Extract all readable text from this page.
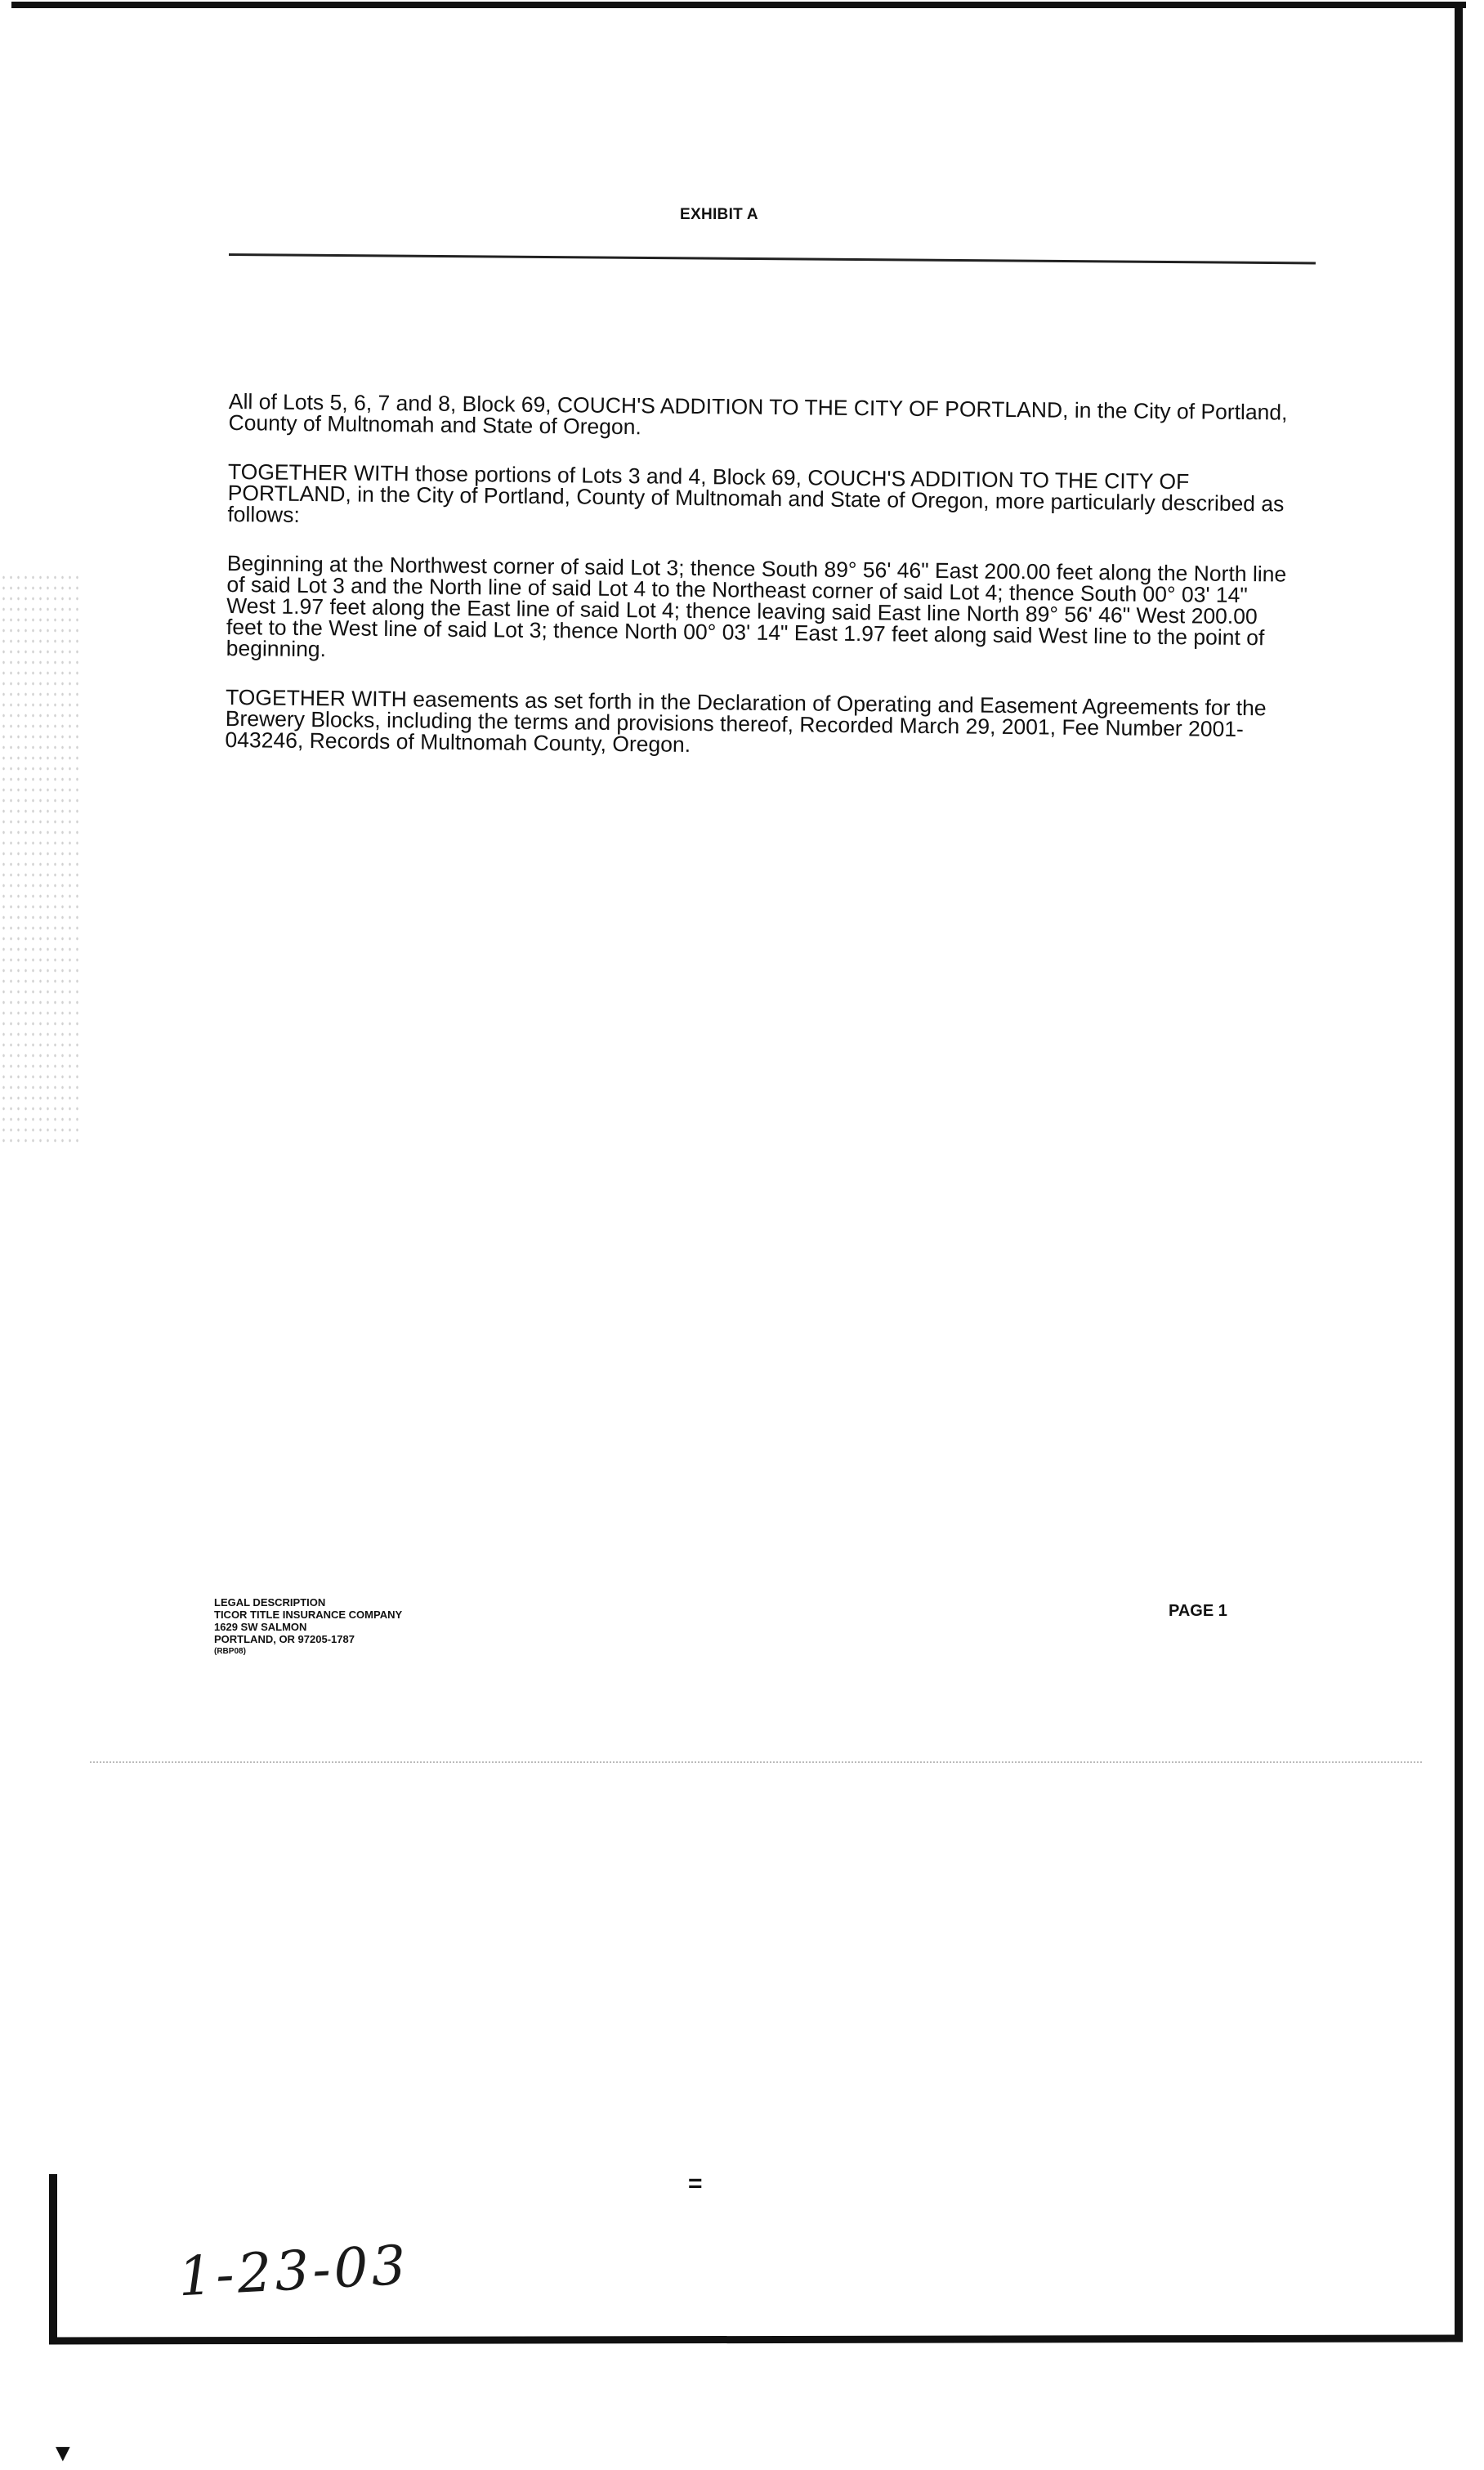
EXHIBIT A

All of Lots 5, 6, 7 and 8, Block 69, COUCH'S ADDITION TO THE CITY OF PORTLAND, in the City of Portland, County of Multnomah and State of Oregon.

TOGETHER WITH those portions of Lots 3 and 4, Block 69, COUCH'S ADDITION TO THE CITY OF PORTLAND, in the City of Portland, County of Multnomah and State of Oregon, more particularly described as follows:

Beginning at the Northwest corner of said Lot 3; thence South 89° 56' 46" East 200.00 feet along the North line of said Lot 3 and the North line of said Lot 4 to the Northeast corner of said Lot 4; thence South 00° 03' 14" West 1.97 feet along the East line of said Lot 4; thence leaving said East line North 89° 56' 46" West 200.00 feet to the West line of said Lot 3; thence North 00° 03' 14" East 1.97 feet along said West line to the point of beginning.

TOGETHER WITH easements as set forth in the Declaration of Operating and Easement Agreements for the Brewery Blocks, including the terms and provisions thereof, Recorded March 29, 2001, Fee Number 2001-043246, Records of Multnomah County, Oregon.

LEGAL DESCRIPTION
TICOR TITLE INSURANCE COMPANY
1629 SW SALMON
PORTLAND, OR 97205-1787
(RBP08)
PAGE 1
=
1-23-03
▼
